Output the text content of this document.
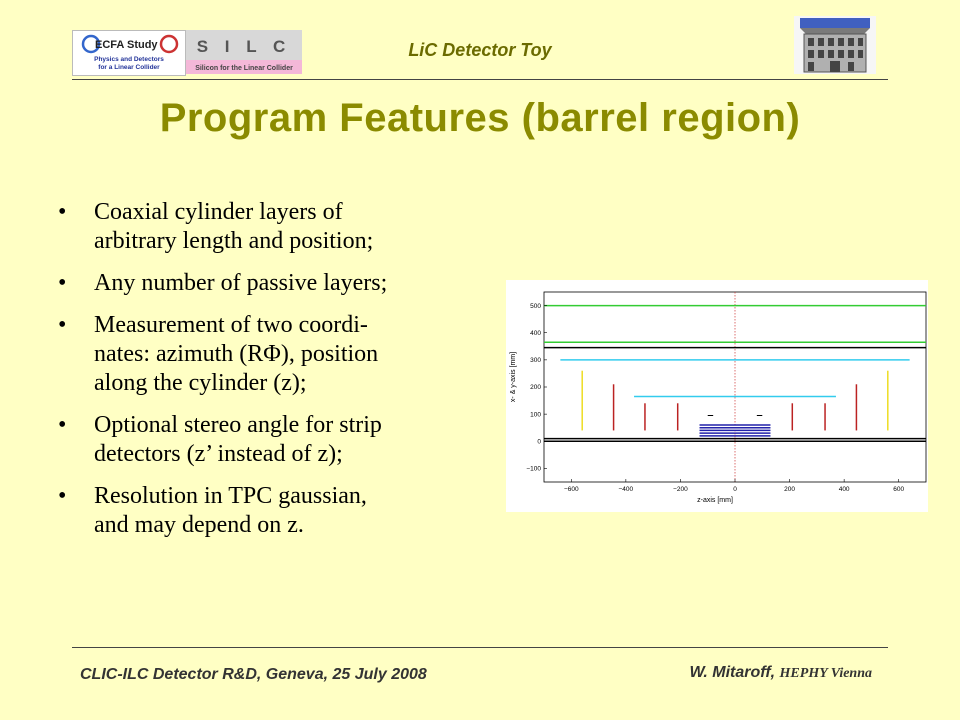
ECFA Study
Physics and Detectors
for a Linear Collider
S I L C
Silicon for the Linear Collider
LiC Detector Toy
Program Features (barrel region)
• Coaxial cylinder layers of
arbitrary length and position;
• Any number of passive layers;
• Measurement of two coordi-
nates: azimuth (RΦ), position
along the cylinder (z);
• Optional stereo angle for strip
detectors (z’ instead of z);
• Resolution in TPC gaussian,
and may depend on z.
−600	−400	−200	0	200	400	600
−100
0
100
200
300
400
500
z-axis [mm]
x- & y-axis [mm]
CLIC-ILC Detector R&D, Geneva, 25 July 2008	W. Mitaroff, HEPHY Vienna
